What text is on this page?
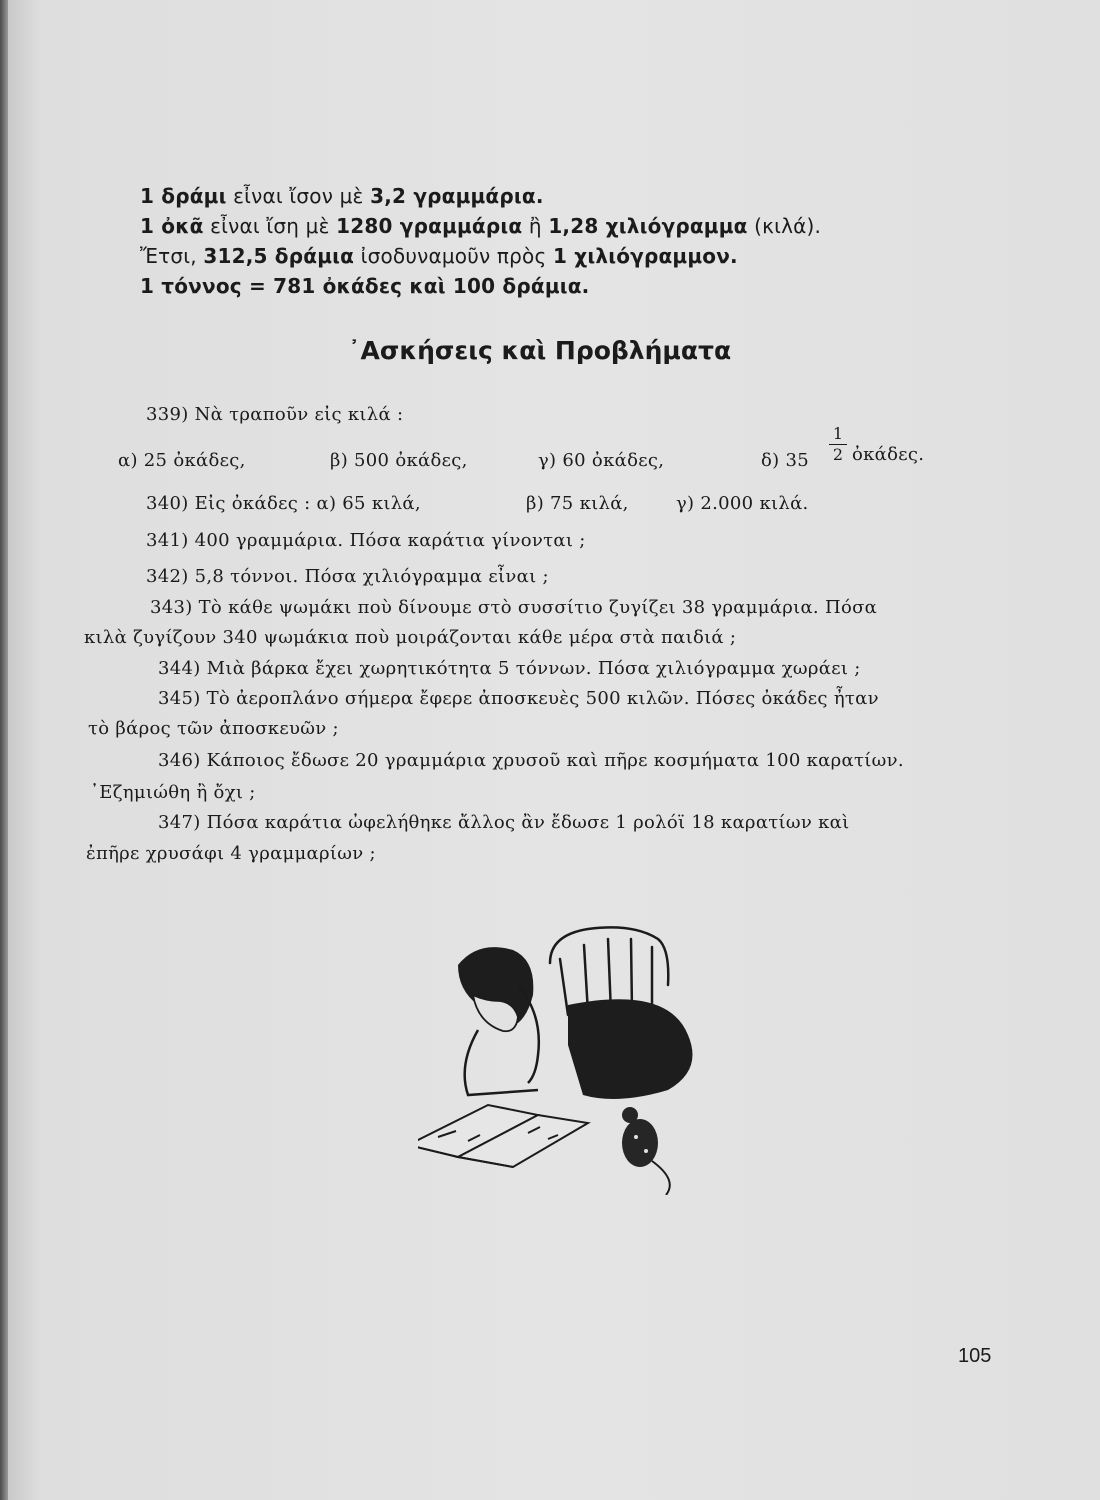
1 δράμι εἶναι ἴσον μὲ 3,2 γραμμάρια.
1 ὀκᾶ εἶναι ἴση μὲ 1280 γραμμάρια ἢ 1,28 χιλιόγραμμα (κιλά).
Ἔτσι, 312,5 δράμια ἰσοδυναμοῦν πρὸς 1 χιλιόγραμμον.
1 τόννος = 781 ὀκάδες καὶ 100 δράμια.
᾿Ασκήσεις καὶ Προβλήματα
339) Νὰ τραποῦν εἰς κιλά :
α) 25 ὀκάδες,	β) 500 ὀκάδες,	γ) 60 ὀκάδες,	δ) 35
1
2 ὀκάδες.
340) Εἰς ὀκάδες : α) 65 κιλά,	β) 75 κιλά,	γ) 2.000 κιλά.
341) 400 γραμμάρια. Πόσα καράτια γίνονται ;
342) 5,8 τόννοι. Πόσα χιλιόγραμμα εἶναι ;
343) Τὸ κάθε ψωμάκι ποὺ δίνουμε στὸ συσσίτιο ζυγίζει 38 γραμμάρια. Πόσα
κιλὰ ζυγίζουν 340 ψωμάκια ποὺ μοιράζονται κάθε μέρα στὰ παιδιά ;
344) Μιὰ βάρκα ἔχει χωρητικότητα 5 τόννων. Πόσα χιλιόγραμμα χωράει ;
345) Τὸ ἀεροπλάνο σήμερα ἔφερε ἀποσκευὲς 500 κιλῶν. Πόσες ὀκάδες ἦταν
τὸ βάρος τῶν ἀποσκευῶν ;
346) Κάποιος ἔδωσε 20 γραμμάρια χρυσοῦ καὶ πῆρε κοσμήματα 100 καρατίων.
᾿Εζημιώθη ἢ ὄχι ;
347) Πόσα καράτια ὠφελήθηκε ἄλλος ἂν ἔδωσε 1 ρολόϊ 18 καρατίων καὶ
ἐπῆρε χρυσάφι 4 γραμμαρίων ;
105
